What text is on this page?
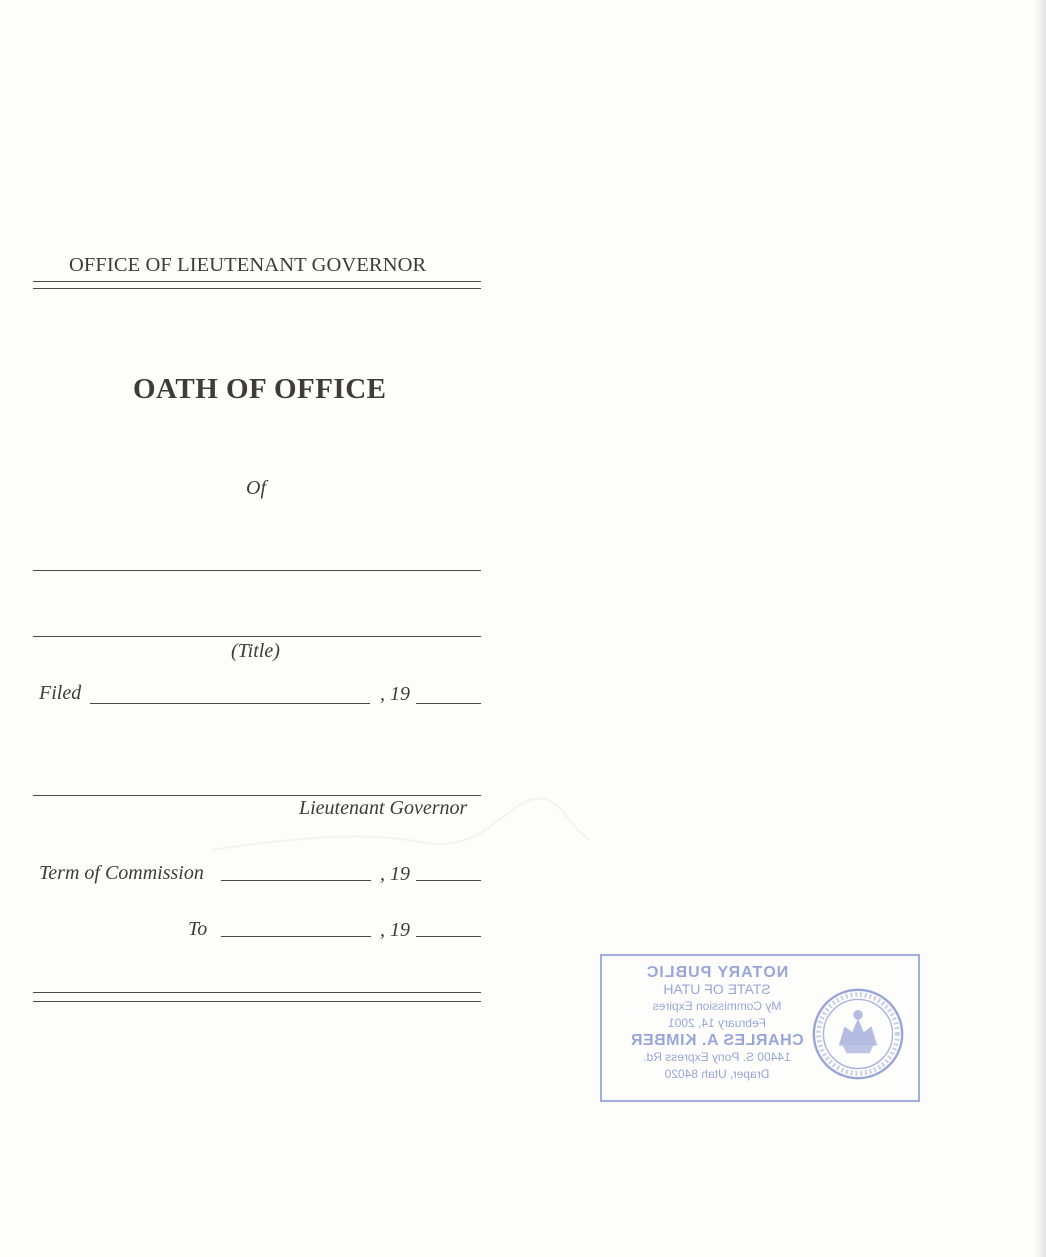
OFFICE OF LIEUTENANT GOVERNOR
OATH OF OFFICE
Of
(Title)
Filed	, 19
Lieutenant Governor
Term of Commission	, 19
To	, 19
NOTARY PUBLIC
STATE OF UTAH
My Commission Expires
February 14, 2001
CHARLES A. KIMBER
14400 S. Pony Express Rd.
Draper, Utah 84020
